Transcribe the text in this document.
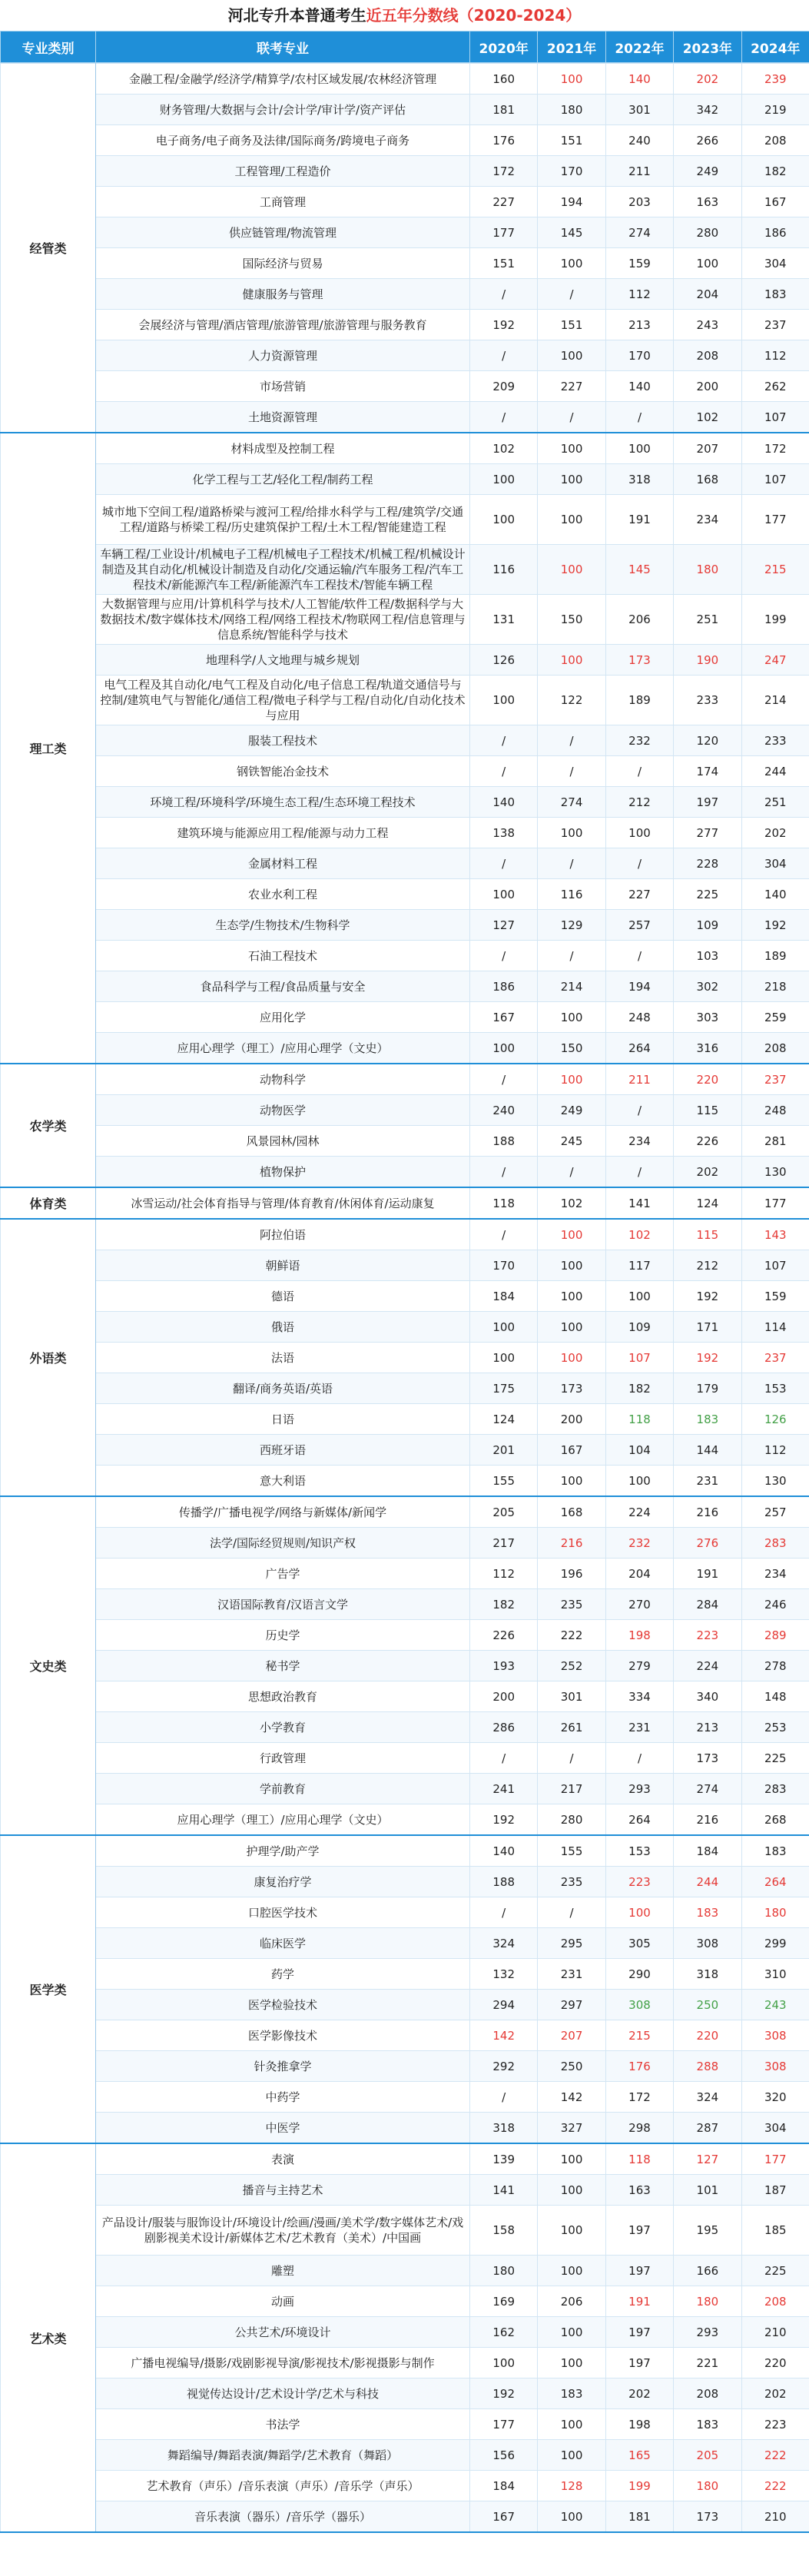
河北专升本普通考生近五年分数线（2020-2024）
专业类别	联考专业	2020年	2021年	2022年	2023年	2024年
经管类	金融工程/金融学/经济学/精算学/农村区域发展/农林经济管理	160	100	140	202	239
	财务管理/大数据与会计/会计学/审计学/资产评估	181	180	301	342	219
	电子商务/电子商务及法律/国际商务/跨境电子商务	176	151	240	266	208
	工程管理/工程造价	172	170	211	249	182
	工商管理	227	194	203	163	167
	供应链管理/物流管理	177	145	274	280	186
	国际经济与贸易	151	100	159	100	304
	健康服务与管理	/	/	112	204	183
	会展经济与管理/酒店管理/旅游管理/旅游管理与服务教育	192	151	213	243	237
	人力资源管理	/	100	170	208	112
	市场营销	209	227	140	200	262
	土地资源管理	/	/	/	102	107
理工类	材料成型及控制工程	102	100	100	207	172
	化学工程与工艺/轻化工程/制药工程	100	100	318	168	107
	城市地下空间工程/道路桥梁与渡河工程/给排水科学与工程/建筑学/交通工程/道路与桥梁工程/历史建筑保护工程/土木工程/智能建造工程	100	100	191	234	177
	车辆工程/工业设计/机械电子工程/机械电子工程技术/机械工程/机械设计制造及其自动化/机械设计制造及自动化/交通运输/汽车服务工程/汽车工程技术/新能源汽车工程/新能源汽车工程技术/智能车辆工程	116	100	145	180	215
	大数据管理与应用/计算机科学与技术/人工智能/软件工程/数据科学与大数据技术/数字媒体技术/网络工程/网络工程技术/物联网工程/信息管理与信息系统/智能科学与技术	131	150	206	251	199
	地理科学/人文地理与城乡规划	126	100	173	190	247
	电气工程及其自动化/电气工程及自动化/电子信息工程/轨道交通信号与控制/建筑电气与智能化/通信工程/微电子科学与工程/自动化/自动化技术与应用	100	122	189	233	214
	服装工程技术	/	/	232	120	233
	钢铁智能冶金技术	/	/	/	174	244
	环境工程/环境科学/环境生态工程/生态环境工程技术	140	274	212	197	251
	建筑环境与能源应用工程/能源与动力工程	138	100	100	277	202
	金属材料工程	/	/	/	228	304
	农业水利工程	100	116	227	225	140
	生态学/生物技术/生物科学	127	129	257	109	192
	石油工程技术	/	/	/	103	189
	食品科学与工程/食品质量与安全	186	214	194	302	218
	应用化学	167	100	248	303	259
	应用心理学（理工）/应用心理学（文史）	100	150	264	316	208
农学类	动物科学	/	100	211	220	237
	动物医学	240	249	/	115	248
	风景园林/园林	188	245	234	226	281
	植物保护	/	/	/	202	130
体育类	冰雪运动/社会体育指导与管理/体育教育/休闲体育/运动康复	118	102	141	124	177
外语类	阿拉伯语	/	100	102	115	143
	朝鲜语	170	100	117	212	107
	德语	184	100	100	192	159
	俄语	100	100	109	171	114
	法语	100	100	107	192	237
	翻译/商务英语/英语	175	173	182	179	153
	日语	124	200	118	183	126
	西班牙语	201	167	104	144	112
	意大利语	155	100	100	231	130
文史类	传播学/广播电视学/网络与新媒体/新闻学	205	168	224	216	257
	法学/国际经贸规则/知识产权	217	216	232	276	283
	广告学	112	196	204	191	234
	汉语国际教育/汉语言文学	182	235	270	284	246
	历史学	226	222	198	223	289
	秘书学	193	252	279	224	278
	思想政治教育	200	301	334	340	148
	小学教育	286	261	231	213	253
	行政管理	/	/	/	173	225
	学前教育	241	217	293	274	283
	应用心理学（理工）/应用心理学（文史）	192	280	264	216	268
医学类	护理学/助产学	140	155	153	184	183
	康复治疗学	188	235	223	244	264
	口腔医学技术	/	/	100	183	180
	临床医学	324	295	305	308	299
	药学	132	231	290	318	310
	医学检验技术	294	297	308	250	243
	医学影像技术	142	207	215	220	308
	针灸推拿学	292	250	176	288	308
	中药学	/	142	172	324	320
	中医学	318	327	298	287	304
艺术类	表演	139	100	118	127	177
	播音与主持艺术	141	100	163	101	187
	产品设计/服装与服饰设计/环境设计/绘画/漫画/美术学/数字媒体艺术/戏剧影视美术设计/新媒体艺术/艺术教育（美术）/中国画	158	100	197	195	185
	雕塑	180	100	197	166	225
	动画	169	206	191	180	208
	公共艺术/环境设计	162	100	197	293	210
	广播电视编导/摄影/戏剧影视导演/影视技术/影视摄影与制作	100	100	197	221	220
	视觉传达设计/艺术设计学/艺术与科技	192	183	202	208	202
	书法学	177	100	198	183	223
	舞蹈编导/舞蹈表演/舞蹈学/艺术教育（舞蹈）	156	100	165	205	222
	艺术教育（声乐）/音乐表演（声乐）/音乐学（声乐）	184	128	199	180	222
	音乐表演（器乐）/音乐学（器乐）	167	100	181	173	210
